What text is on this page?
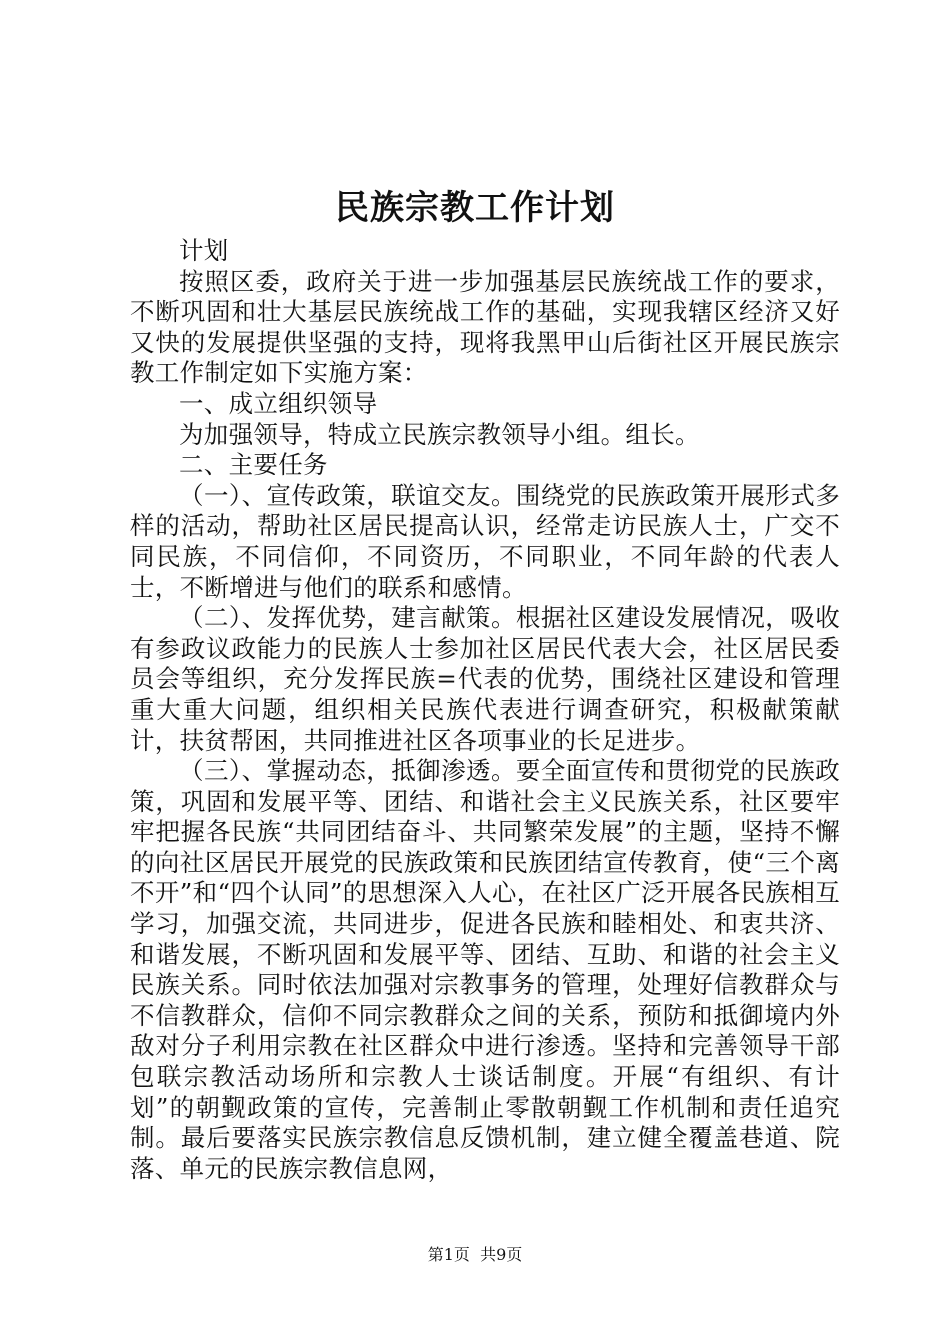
民族宗教工作计划

计划

按照区委，政府关于进一步加强基层民族统战工作的要求，不断巩固和壮大基层民族统战工作的基础，实现我辖区经济又好又快的发展提供坚强的支持，现将我黑甲山后街社区开展民族宗教工作制定如下实施方案：

一、成立组织领导

为加强领导，特成立民族宗教领导小组。组长。

二、主要任务

（一）、宣传政策，联谊交友。围绕党的民族政策开展形式多样的活动，帮助社区居民提高认识，经常走访民族人士，广交不同民族，不同信仰，不同资历，不同职业，不同年龄的代表人士，不断增进与他们的联系和感情。

（二）、发挥优势，建言献策。根据社区建设发展情况，吸收有参政议政能力的民族人士参加社区居民代表大会，社区居民委员会等组织，充分发挥民族=代表的优势，围绕社区建设和管理重大重大问题，组织相关民族代表进行调查研究，积极献策献计，扶贫帮困，共同推进社区各项事业的长足进步。

（三）、掌握动态，抵御渗透。要全面宣传和贯彻党的民族政策，巩固和发展平等、团结、和谐社会主义民族关系，社区要牢牢把握各民族“共同团结奋斗、共同繁荣发展”的主题，坚持不懈的向社区居民开展党的民族政策和民族团结宣传教育，使“三个离不开”和“四个认同”的思想深入人心，在社区广泛开展各民族相互学习，加强交流，共同进步，促进各民族和睦相处、和衷共济、和谐发展，不断巩固和发展平等、团结、互助、和谐的社会主义民族关系。同时依法加强对宗教事务的管理，处理好信教群众与不信教群众，信仰不同宗教群众之间的关系，预防和抵御境内外敌对分子利用宗教在社区群众中进行渗透。坚持和完善领导干部包联宗教活动场所和宗教人士谈话制度。开展“有组织、有计划”的朝觐政策的宣传，完善制止零散朝觐工作机制和责任追究制。最后要落实民族宗教信息反馈机制，建立健全覆盖巷道、院落、单元的民族宗教信息网，

第1页  共9页
